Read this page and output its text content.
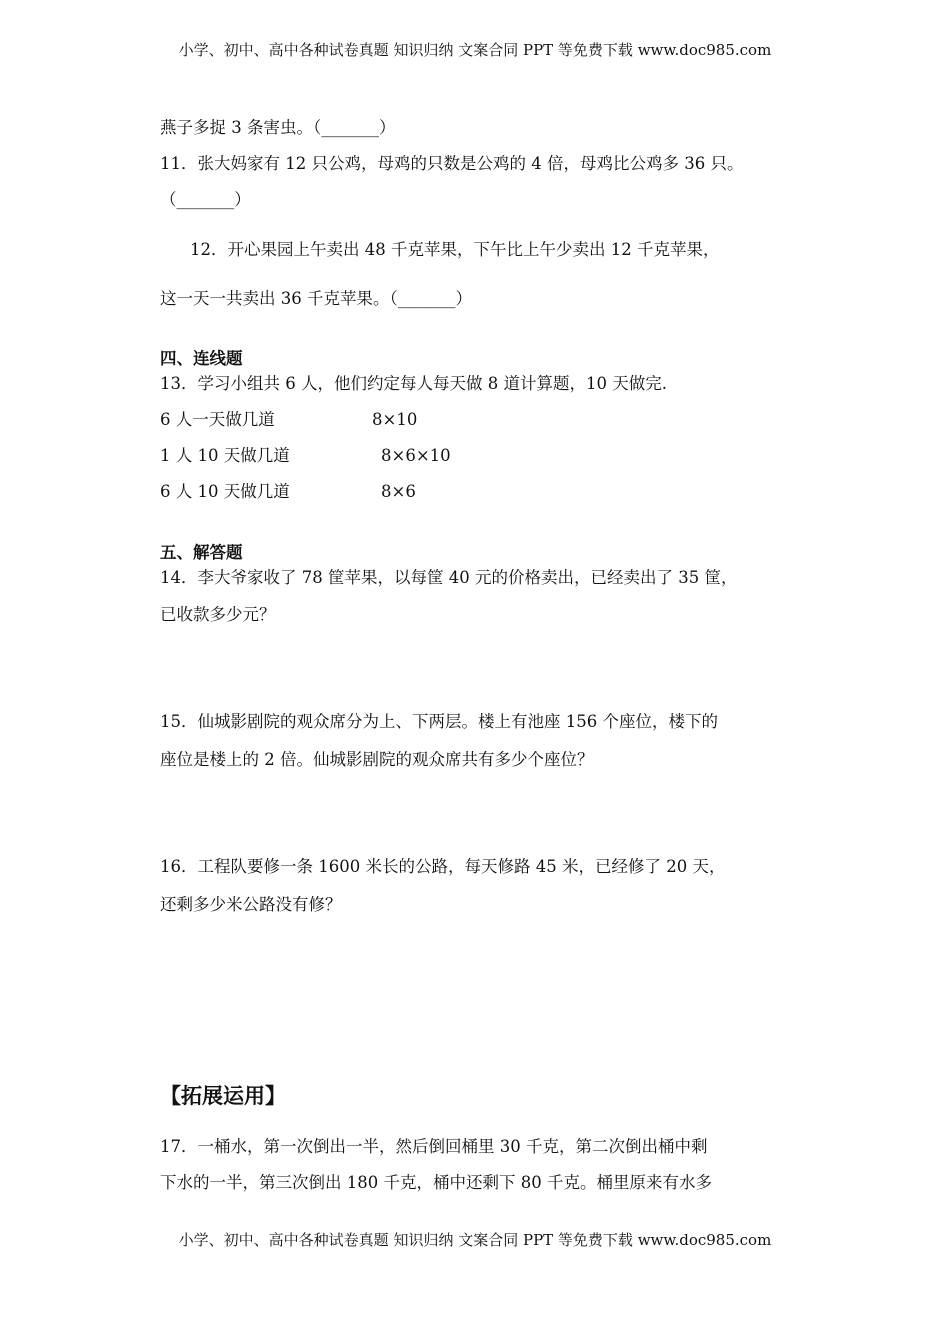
小学、初中、高中各种试卷真题 知识归纳 文案合同 PPT 等免费下载 www.doc985.com
燕子多捉 3 条害虫。（_______）
11．张大妈家有 12 只公鸡，母鸡的只数是公鸡的 4 倍，母鸡比公鸡多 36 只。
（_______）
12．开心果园上午卖出 48 千克苹果，下午比上午少卖出 12 千克苹果，
这一天一共卖出 36 千克苹果。（_______）
四、连线题
13．学习小组共 6 人，他们约定每人每天做 8 道计算题，10 天做完.
6 人一天做几道	8×10
1 人 10 天做几道	8×6×10
6 人 10 天做几道	8×6
五、解答题
14．李大爷家收了 78 筐苹果，以每筐 40 元的价格卖出，已经卖出了 35 筐，
已收款多少元？
15．仙城影剧院的观众席分为上、下两层。楼上有池座 156 个座位，楼下的
座位是楼上的 2 倍。仙城影剧院的观众席共有多少个座位？
16．工程队要修一条 1600 米长的公路，每天修路 45 米，已经修了 20 天，
还剩多少米公路没有修？
【拓展运用】
17．一桶水，第一次倒出一半，然后倒回桶里 30 千克，第二次倒出桶中剩
下水的一半，第三次倒出 180 千克，桶中还剩下 80 千克。桶里原来有水多
小学、初中、高中各种试卷真题 知识归纳 文案合同 PPT 等免费下载 www.doc985.com
